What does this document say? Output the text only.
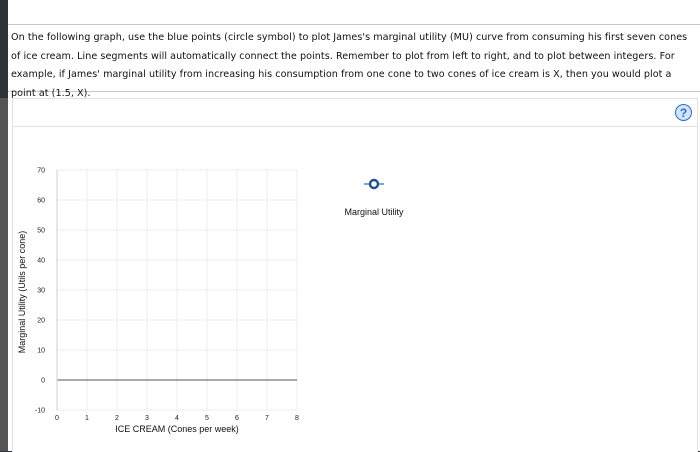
On the following graph, use the blue points (circle symbol) to plot James's marginal utility (MU) curve from consuming his first seven cones of ice cream. Line segments will automatically connect the points. Remember to plot from left to right, and to plot between integers. For example, if James' marginal utility from increasing his consumption from one cone to two cones of ice cream is X, then you would plot a point at (1.5, X).
?
-10
0
10
20
30
40
50
60
70
0	1	2	3	4	5	6	7	8
Marginal Utility (Utils per cone)
ICE CREAM (Cones per week)
Marginal Utility
